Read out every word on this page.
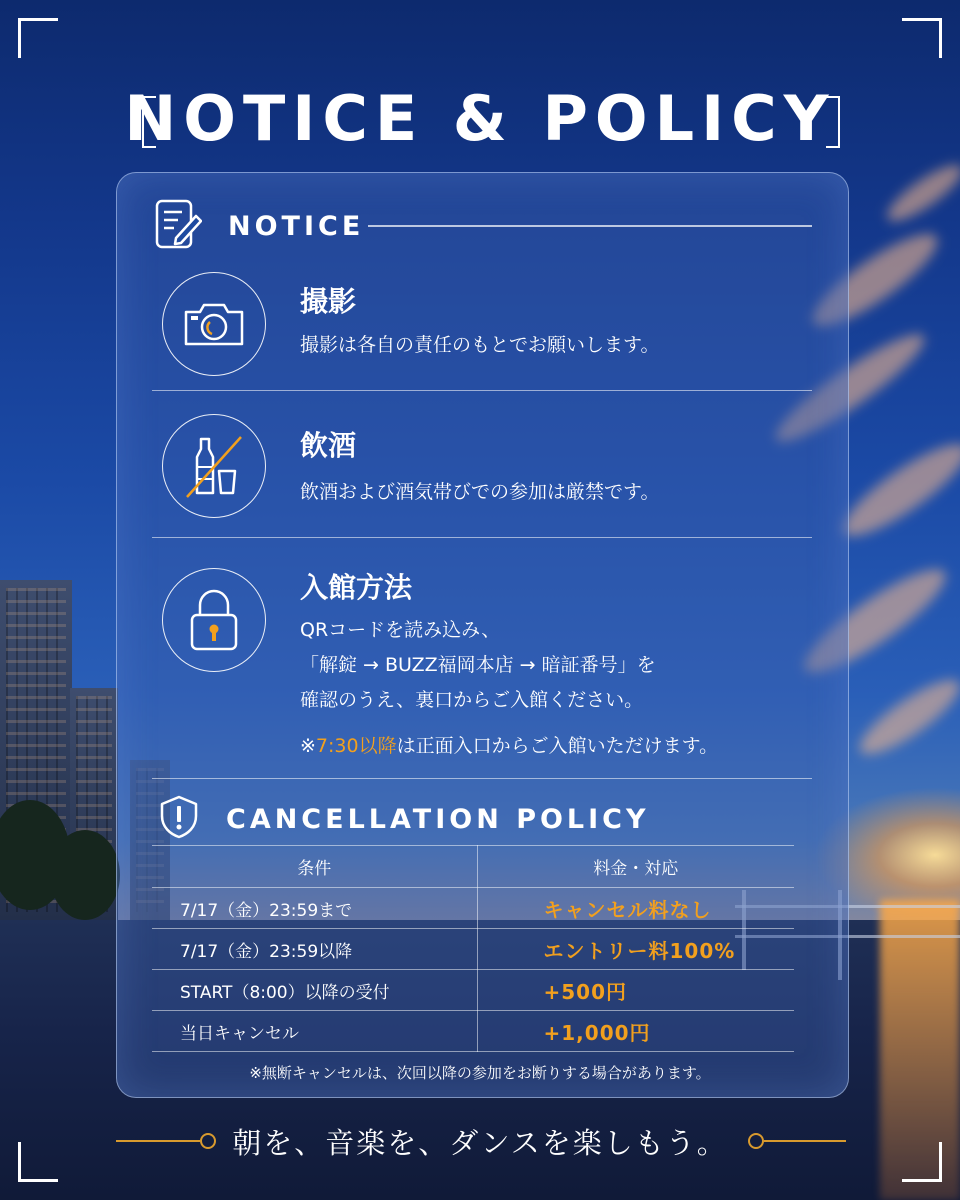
NOTICE & POLICY
NOTICE
撮影
撮影は各自の責任のもとでお願いします。
飲酒
飲酒および酒気帯びでの参加は厳禁です。
入館方法
QRコードを読み込み、
「解錠 → BUZZ福岡本店 → 暗証番号」を
確認のうえ、裏口からご入館ください。
※7:30以降は正面入口からご入館いただけます。
CANCELLATION POLICY
条件	料金・対応
7/17（金）23:59まで	キャンセル料なし
7/17（金）23:59以降	エントリー料100%
START（8:00）以降の受付	+500円
当日キャンセル	+1,000円
※無断キャンセルは、次回以降の参加をお断りする場合があります。
朝を、音楽を、ダンスを楽しもう。
